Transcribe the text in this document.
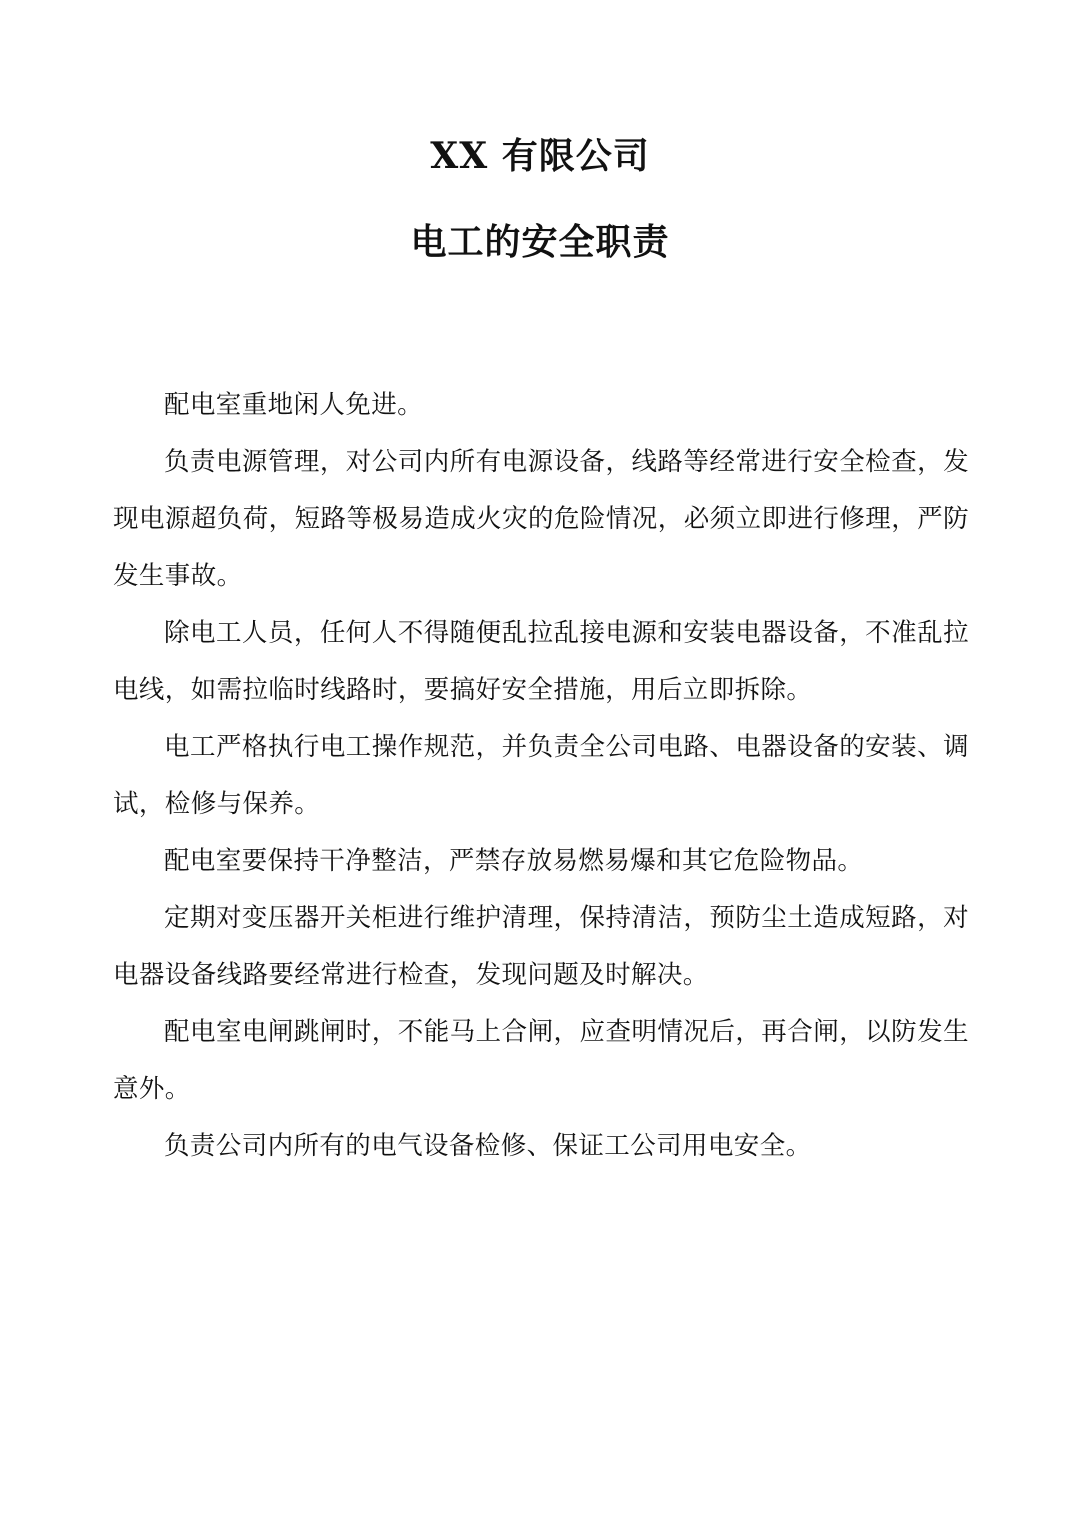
XX 有限公司
电工的安全职责

配电室重地闲人免进。

负责电源管理，对公司内所有电源设备，线路等经常进行安全检查，发现电源超负荷，短路等极易造成火灾的危险情况，必须立即进行修理，严防发生事故。

除电工人员，任何人不得随便乱拉乱接电源和安装电器设备，不准乱拉电线，如需拉临时线路时，要搞好安全措施，用后立即拆除。

电工严格执行电工操作规范，并负责全公司电路、电器设备的安装、调试，检修与保养。

配电室要保持干净整洁，严禁存放易燃易爆和其它危险物品。

定期对变压器开关柜进行维护清理，保持清洁，预防尘土造成短路，对电器设备线路要经常进行检查，发现问题及时解决。

配电室电闸跳闸时，不能马上合闸，应查明情况后，再合闸，以防发生意外。

负责公司内所有的电气设备检修、保证工公司用电安全。
